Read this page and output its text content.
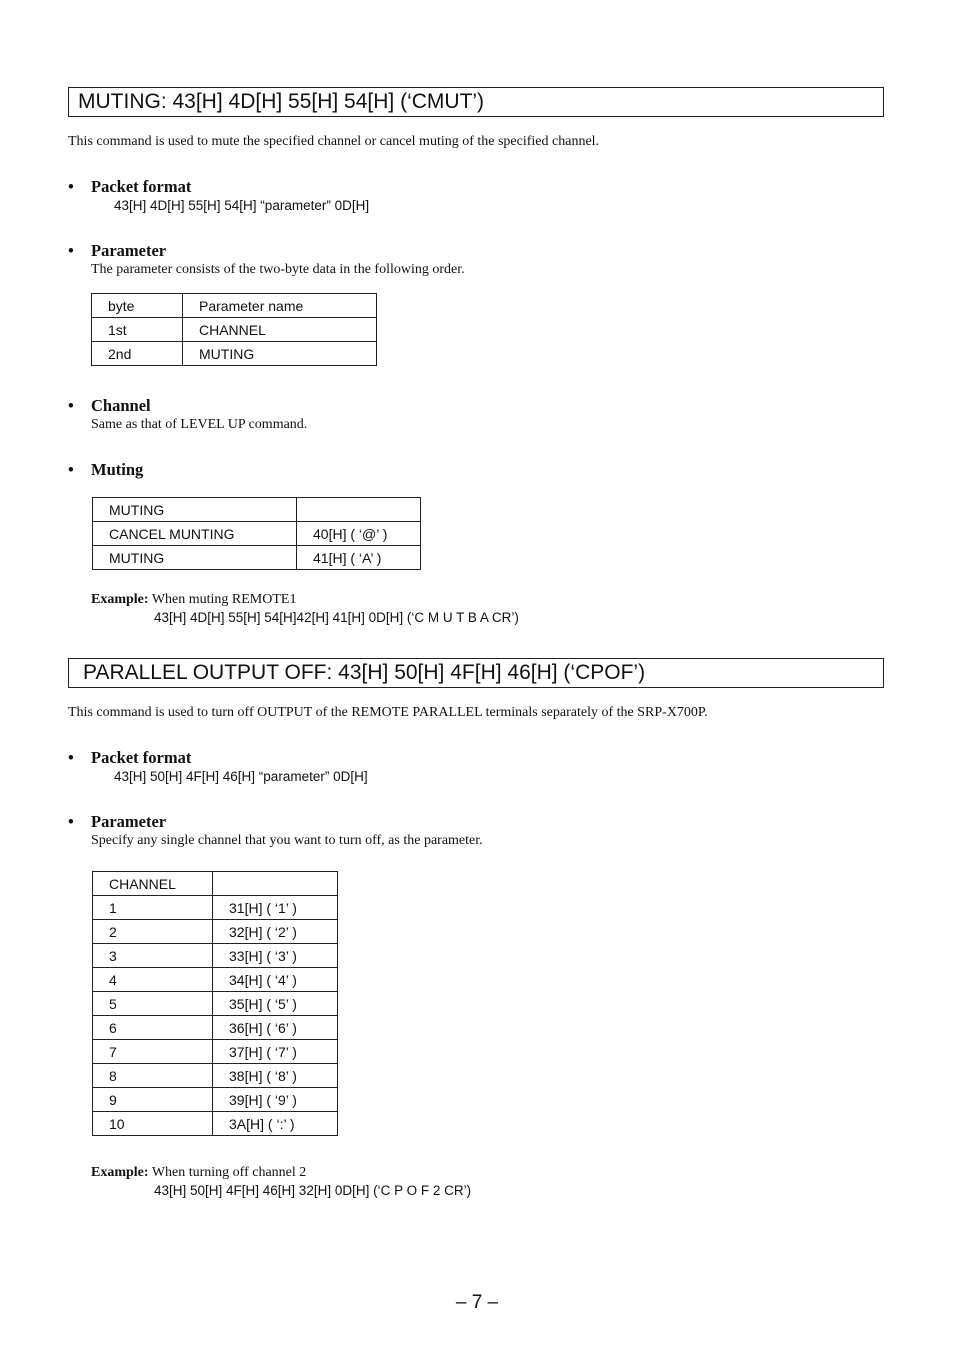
MUTING: 43[H] 4D[H] 55[H] 54[H] (‘CMUT’)
This command is used to mute the specified channel or cancel muting of the specified channel.
• Packet format
43[H] 4D[H] 55[H] 54[H] “parameter” 0D[H]
• Parameter
The parameter consists of the two-byte data in the following order.
byte	Parameter name
1st	CHANNEL
2nd	MUTING
• Channel
Same as that of LEVEL UP command.
• Muting
MUTING	
CANCEL MUNTING	40[H] ( ‘@’ )
MUTING	41[H] ( ‘A’ )
Example: When muting REMOTE1
43[H] 4D[H] 55[H] 54[H]42[H] 41[H] 0D[H] (‘C M U T B A CR’)
PARALLEL OUTPUT OFF: 43[H] 50[H] 4F[H] 46[H] (‘CPOF’)
This command is used to turn off OUTPUT of the REMOTE PARALLEL terminals separately of the SRP-X700P.
• Packet format
43[H] 50[H] 4F[H] 46[H] “parameter” 0D[H]
• Parameter
Specify any single channel that you want to turn off, as the parameter.
CHANNEL	
1	31[H] ( ‘1’ )
2	32[H] ( ‘2’ )
3	33[H] ( ‘3’ )
4	34[H] ( ‘4’ )
5	35[H] ( ‘5’ )
6	36[H] ( ‘6’ )
7	37[H] ( ‘7’ )
8	38[H] ( ‘8’ )
9	39[H] ( ‘9’ )
10	3A[H] ( ‘:’ )
Example: When turning off channel 2
43[H] 50[H] 4F[H] 46[H] 32[H] 0D[H] (‘C P O F 2 CR’)
– 7 –
